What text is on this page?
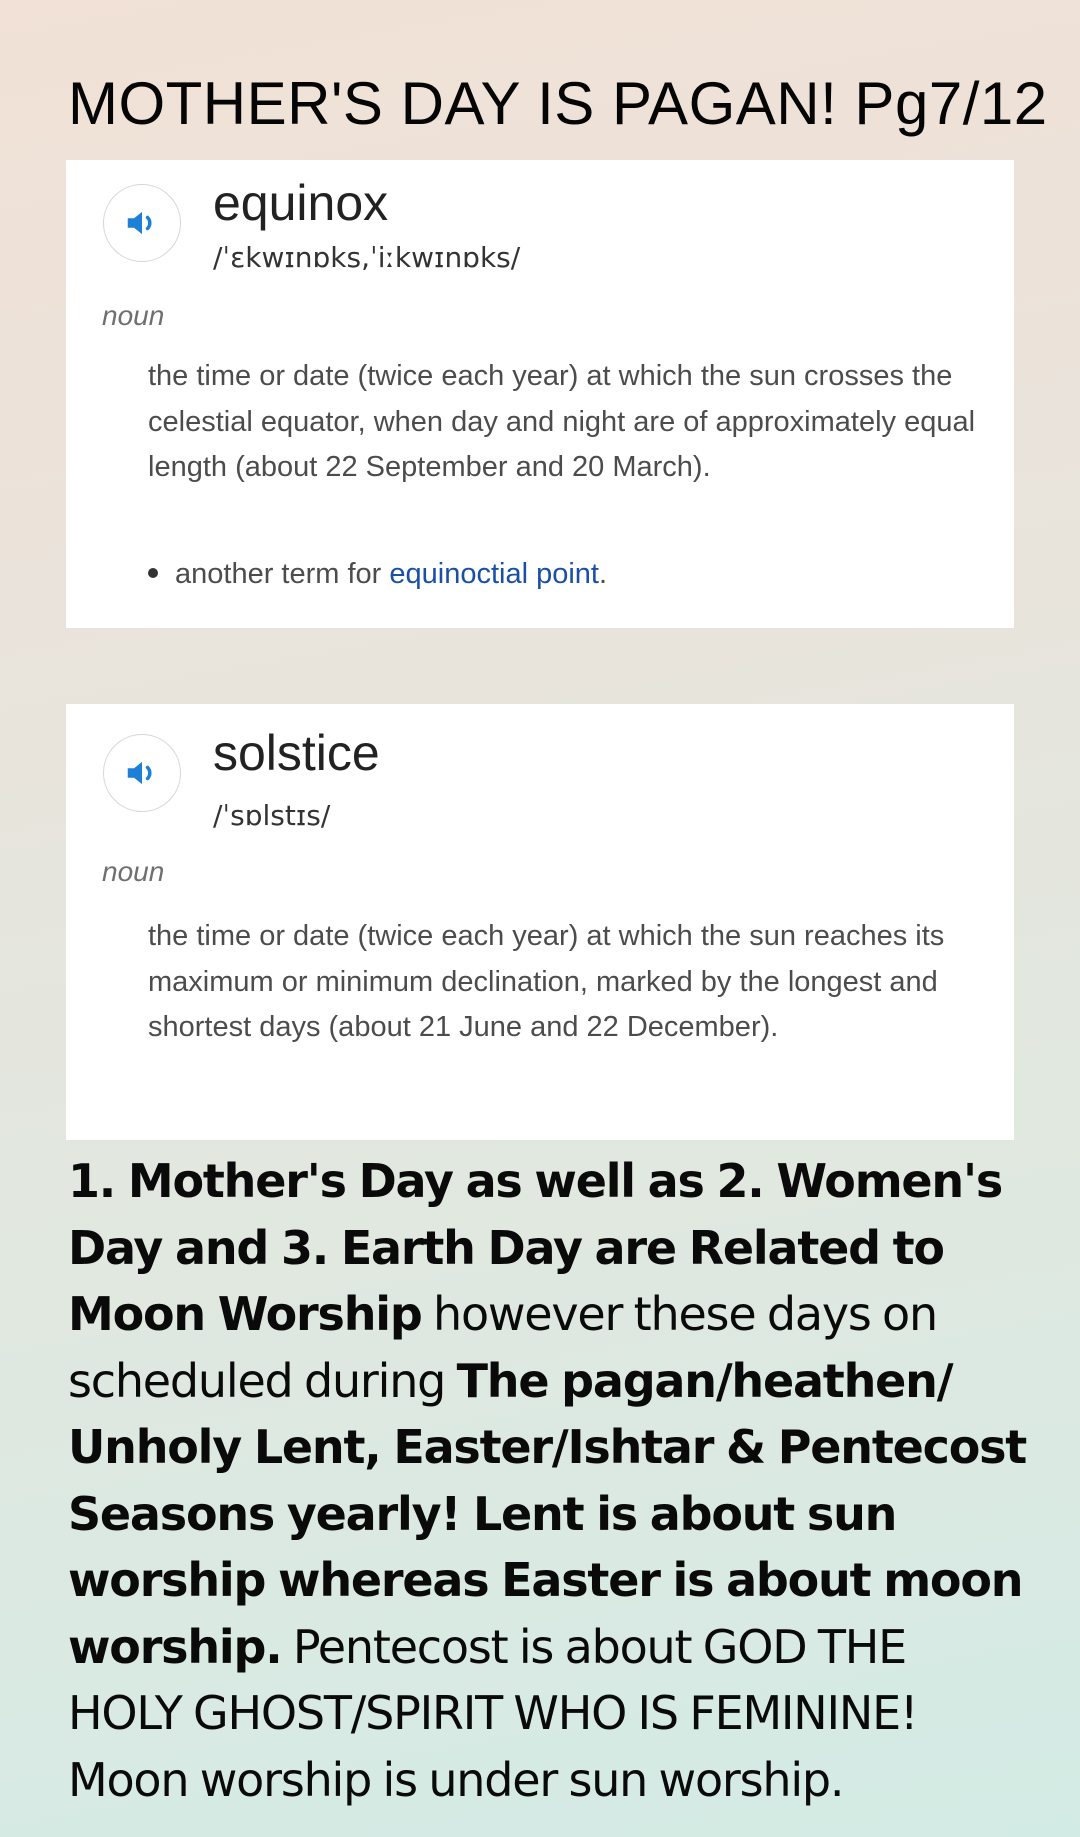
MOTHER'S DAY IS PAGAN! Pg7/12
equinox
/ˈɛkwɪnɒks,ˈiːkwɪnɒks/
noun

the time or date (twice each year) at which the sun crosses the celestial equator, when day and night are of approximately equal length (about 22 September and 20 March).

another term for equinoctial point.
solstice
/ˈsɒlstɪs/
noun

the time or date (twice each year) at which the sun reaches its maximum or minimum declination, marked by the longest and shortest days (about 21 June and 22 December).

1. Mother's Day as well as 2. Women's Day and 3. Earth Day are Related to Moon Worship however these days on scheduled during The pagan/heathen/ Unholy Lent, Easter/Ishtar & Pentecost Seasons yearly! Lent is about sun worship whereas Easter is about moon worship. Pentecost is about GOD THE HOLY GHOST/SPIRIT WHO IS FEMININE! Moon worship is under sun worship.
